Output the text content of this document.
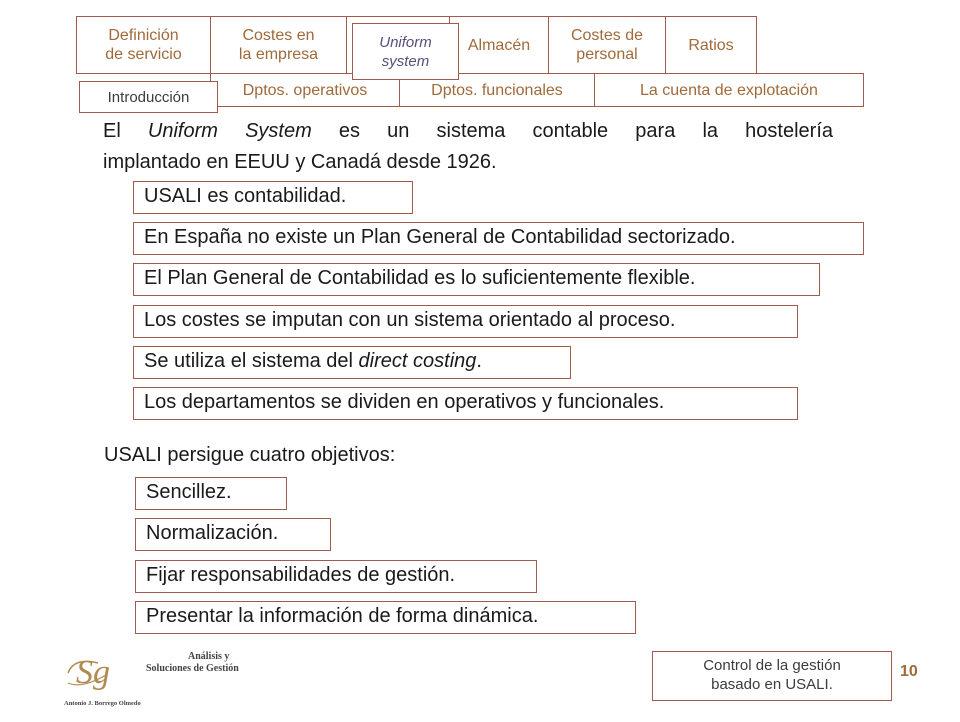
Definición
de servicio
Costes en
la empresa
Almacén
Costes de
personal
Ratios
Dptos. operativos	Dptos. funcionales	La cuenta de explotación
Uniform
system
Introducción
El Uniform System es un sistema contable para la hostelería
implantado en EEUU y Canadá desde 1926.
USALI es contabilidad.
En España no existe un Plan General de Contabilidad sectorizado.
El Plan General de Contabilidad es lo suficientemente flexible.
Los costes se imputan con un sistema orientado al proceso.
Se utiliza el sistema del direct costing.
Los departamentos se dividen en operativos y funcionales.
USALI persigue cuatro objetivos:
Sencillez.
Normalización.
Fijar responsabilidades de gestión.
Presentar la información de forma dinámica.
Sg	Análisis y
Soluciones de Gestión
Antonio J. Borrego Olmedo
Control de la gestión
basado en USALI.
10
